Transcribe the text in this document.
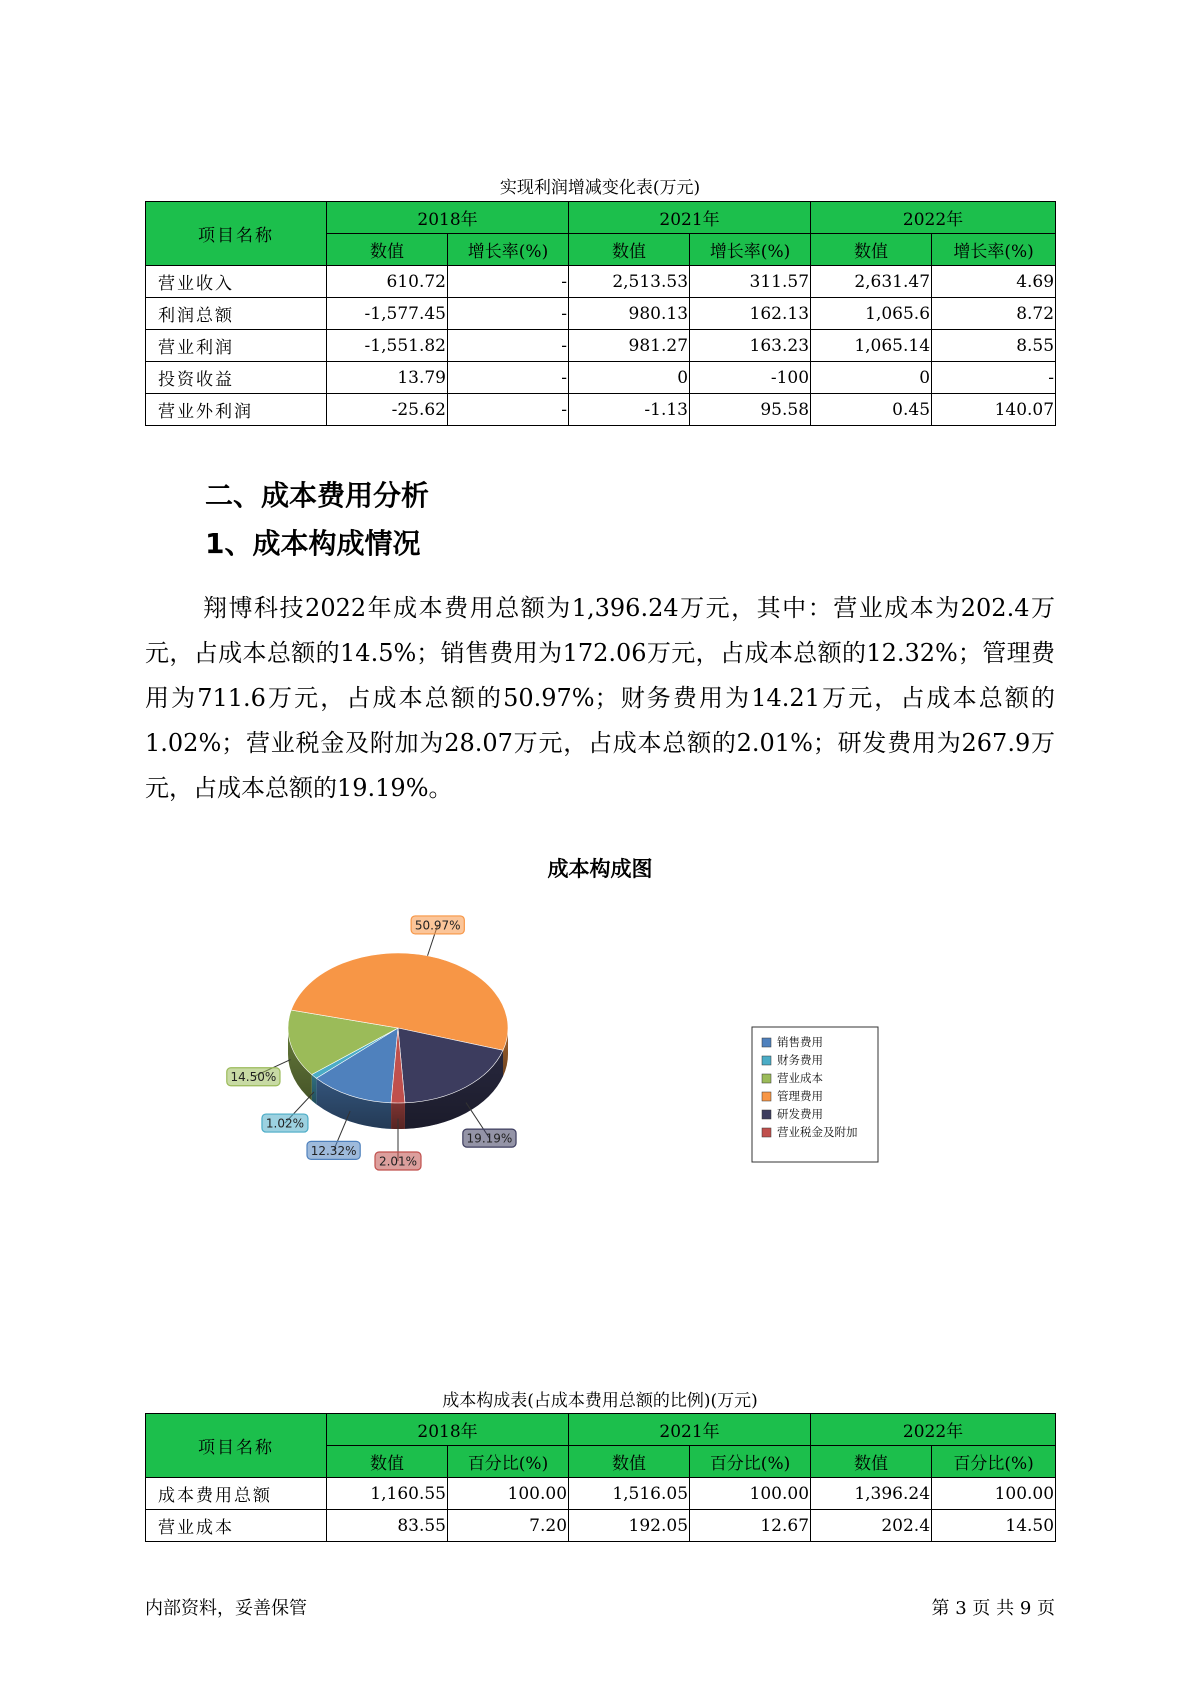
实现利润增减变化表(万元)
项目名称	2018年		2021年		2022年	
	数值	增长率(%)	数值	增长率(%)	数值	增长率(%)
营业收入	610.72	-	2,513.53	311.57	2,631.47	4.69
利润总额	-1,577.45	-	980.13	162.13	1,065.6	8.72
营业利润	-1,551.82	-	981.27	163.23	1,065.14	8.55
投资收益	13.79	-	0	-100	0	-
营业外利润	-25.62	-	-1.13	95.58	0.45	140.07
二、成本费用分析
1、成本构成情况

翔博科技2022年成本费用总额为1,396.24万元，其中：营业成本为202.4万元，占成本总额的14.5%；销售费用为172.06万元，占成本总额的12.32%；管理费用为711.6万元，占成本总额的50.97%；财务费用为14.21万元，占成本总额的1.02%；营业税金及附加为28.07万元，占成本总额的2.01%；研发费用为267.9万元，占成本总额的19.19%。

成本构成图
12.32%
1.02%
14.50%
50.97%
19.19%
2.01%
销售费用
财务费用
营业成本
管理费用
研发费用
营业税金及附加
成本构成表(占成本费用总额的比例)(万元)
项目名称	2018年		2021年		2022年	
	数值	百分比(%)	数值	百分比(%)	数值	百分比(%)
成本费用总额	1,160.55	100.00	1,516.05	100.00	1,396.24	100.00
营业成本	83.55	7.20	192.05	12.67	202.4	14.50
内部资料，妥善保管	第 3 页 共 9 页
